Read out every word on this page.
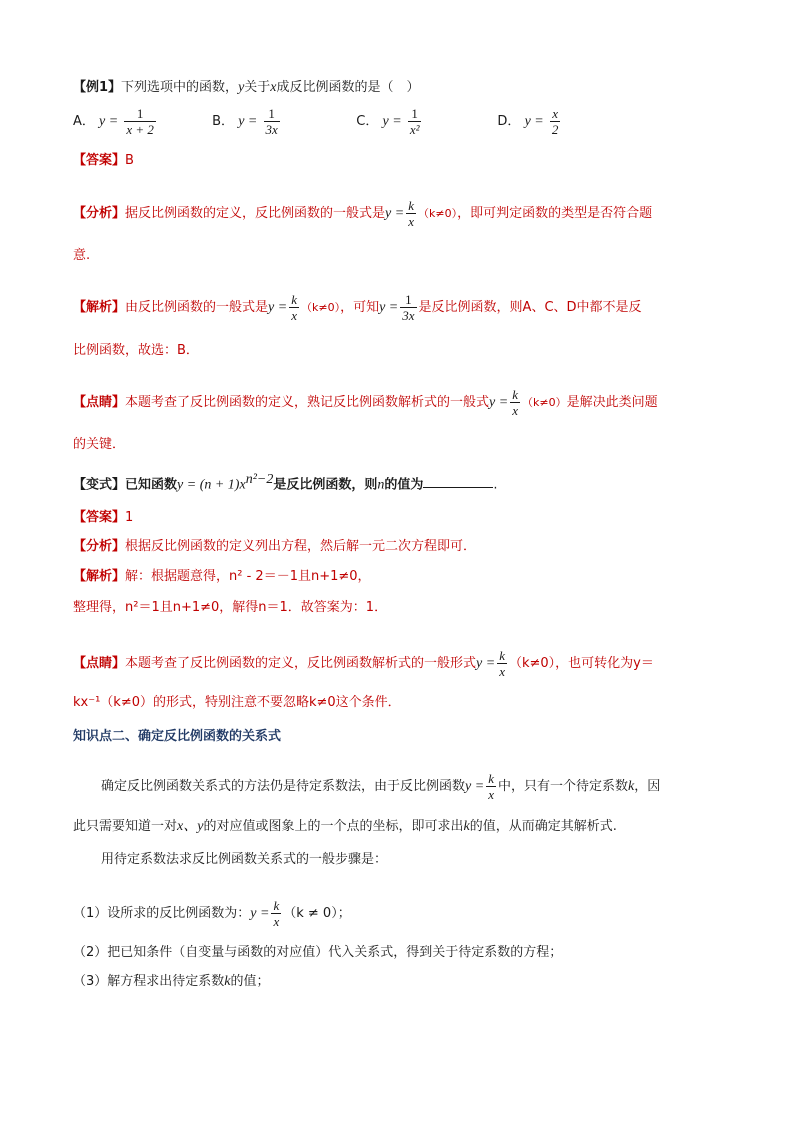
【例1】下列选项中的函数，y关于x成反比例函数的是（　）
A． $y = \frac{1}{x + 2}$	B． $y = \frac{1}{3x}$	C． $y = \frac{1}{\text{x²}}$	D． $y = \frac{x}{2}$
【答案】B
【分析】据反比例函数的定义，反比例函数的一般式是$y = \frac{k}{x} (k\ne 0)$，即可判定函数的类型是否符合题
意.
【解析】由反比例函数的一般式是$y = \frac{k}{x} (k\ne 0)$，可知$y = \frac{1}{3x}$ 是反比例函数，则A、C、D中都不是反
比例函数，故选：B．
【点睛】本题考查了反比例函数的定义，熟记反比例函数解析式的一般式$y = \frac{k}{x} (k\ne 0)$是解决此类问题
的关键．
【变式】已知函数$y = (n + 1)x^{n^2-2}$是反比例函数，则n的值为	.
【答案】1
【分析】根据反比例函数的定义列出方程，然后解一元二次方程即可．
【解析】解：根据题意得，n² - 2＝－1且n+1≠0，
整理得，n²＝1且n+1≠0，解得n＝1．故答案为：1．
【点睛】本题考查了反比例函数的定义，反比例函数解析式的一般形式$y = \frac{k}{x} (k\ne 0)$，也可转化为y＝
kx⁻¹（k≠0）的形式，特别注意不要忽略k≠0这个条件．
知识点二、确定反比例函数的关系式
确定反比例函数关系式的方法仍是待定系数法，由于反比例函数$y = \frac{k}{x}$ 中，只有一个待定系数k，因
此只需要知道一对x、y的对应值或图象上的一个点的坐标，即可求出k的值，从而确定其解析式.
用待定系数法求反比例函数关系式的一般步骤是：
（1）设所求的反比例函数为：$y = \frac{k}{x} (k \ne 0)$；
（2）把已知条件（自变量与函数的对应值）代入关系式，得到关于待定系数的方程；
（3）解方程求出待定系数k的值；
